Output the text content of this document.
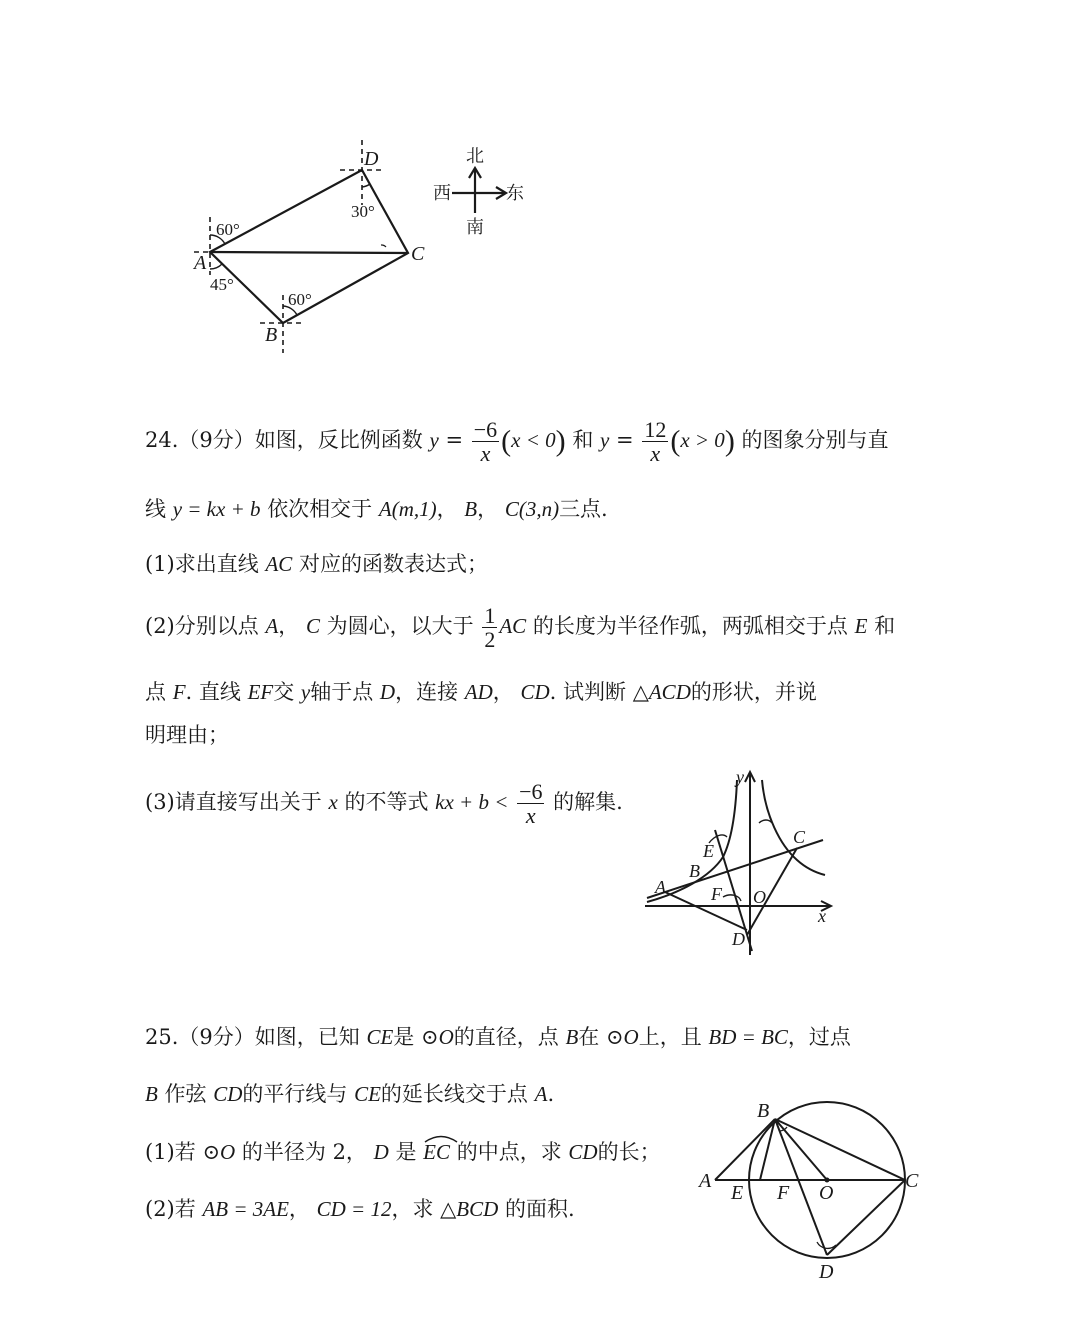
D
A
B
C
60°
30°
45°
60°
北
南
西	东
24.（9分）如图，反比例函数 $y = \frac{-6}{x} (x < 0)$ 和 $y = \frac{12}{x} (x > 0)$ 的图象分别与直
线 y = kx + b 依次相交于 A(m,1)， B， C(3,n)三点.
(1)求出直线 AC 对应的函数表达式；
(2)分别以点 A， C 为圆心，以大于 $\frac{1}{2}$ AC 的长度为半径作弧，两弧相交于点 E 和
点 F. 直线 EF交 y轴于点 D，连接 AD， CD. 试判断 △ACD的形状，并说
明理由；
(3)请直接写出关于 x 的不等式 kx + $b < \frac{-6}{x}$ 的解集.
y
x
C
E
B
A	F O
D
25.（9分）如图，已知 CE是 ⊙O的直径，点 B在 ⊙O上，且 BD = BC，过点
B 作弦 CD的平行线与 CE的延长线交于点 A.
(1)若 ⊙O 的半径为 2， D 是 EC 的中点，求 CD的长；
(2)若 AB = 3AE， CD = 12，求 △BCD 的面积.
B
A
E F O
C
D
